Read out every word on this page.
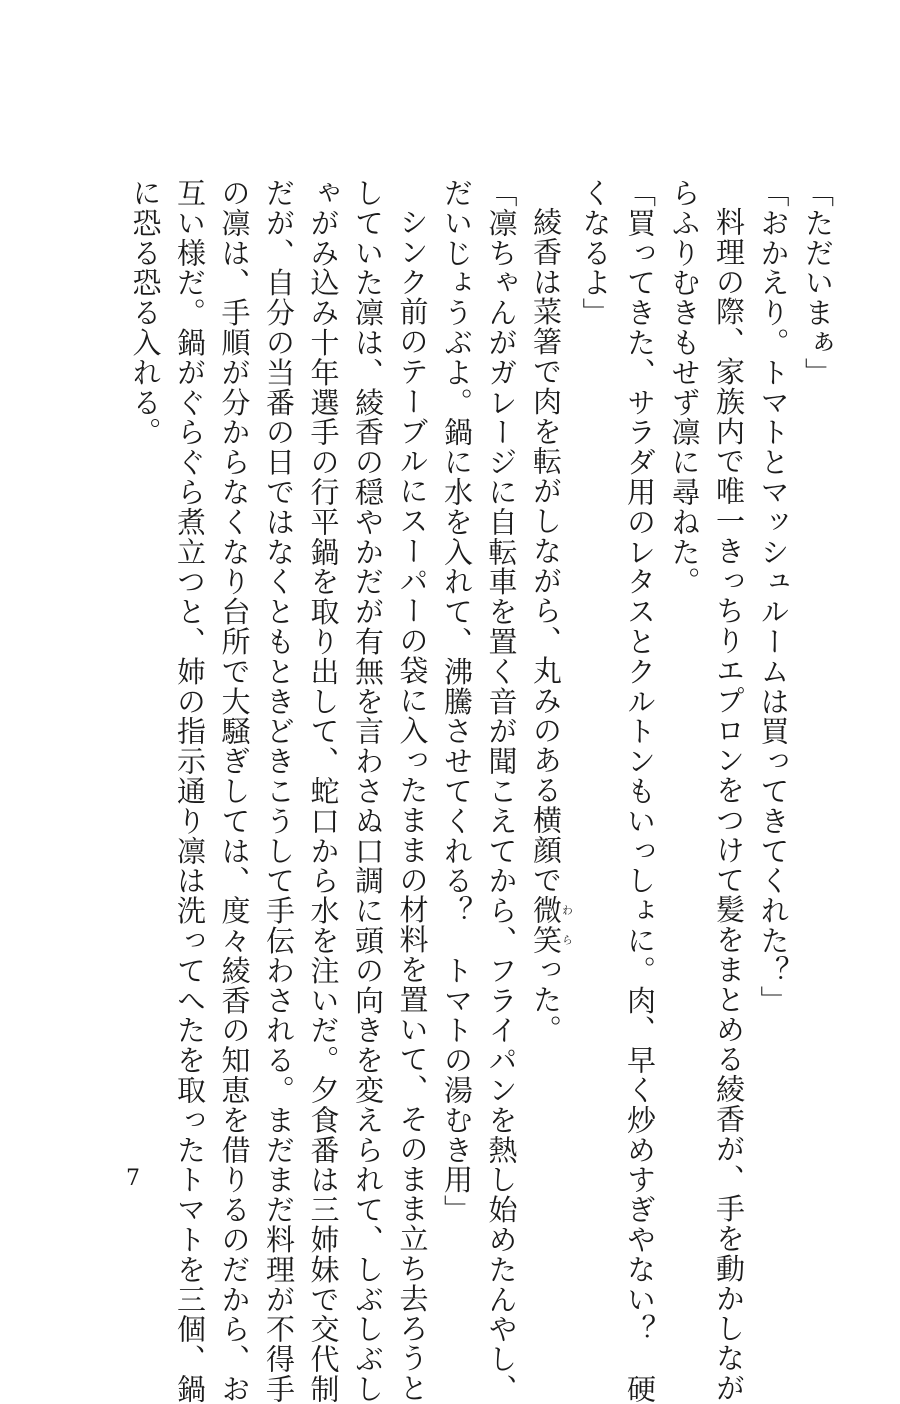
「ただいまぁ」
「おかえり。トマトとマッシュルームは買ってきてくれた？」
料理の際、家族内で唯一きっちりエプロンをつけて髪をまとめる綾香が、手を動かしなが
らふりむきもせず凛に尋ねた。
「買ってきた、サラダ用のレタスとクルトンもいっしょに。肉、早く炒めすぎやない？　硬
くなるよ」
綾香は菜箸で肉を転がしながら、丸みのある横顔で微笑わらった。
「凛ちゃんがガレージに自転車を置く音が聞こえてから、フライパンを熱し始めたんやし、
だいじょうぶよ。鍋に水を入れて、沸騰させてくれる？　トマトの湯むき用」
シンク前のテーブルにスーパーの袋に入ったままの材料を置いて、そのまま立ち去ろうと
していた凛は、綾香の穏やかだが有無を言わさぬ口調に頭の向きを変えられて、しぶしぶし
ゃがみ込み十年選手の行平鍋を取り出して、蛇口から水を注いだ。夕食番は三姉妹で交代制
だが、自分の当番の日ではなくともときどきこうして手伝わされる。まだまだ料理が不得手
の凛は、手順が分からなくなり台所で大騒ぎしては、度々綾香の知恵を借りるのだから、お
互い様だ。鍋がぐらぐら煮立つと、姉の指示通り凛は洗ってへたを取ったトマトを三個、鍋
に恐る恐る入れる。
7
